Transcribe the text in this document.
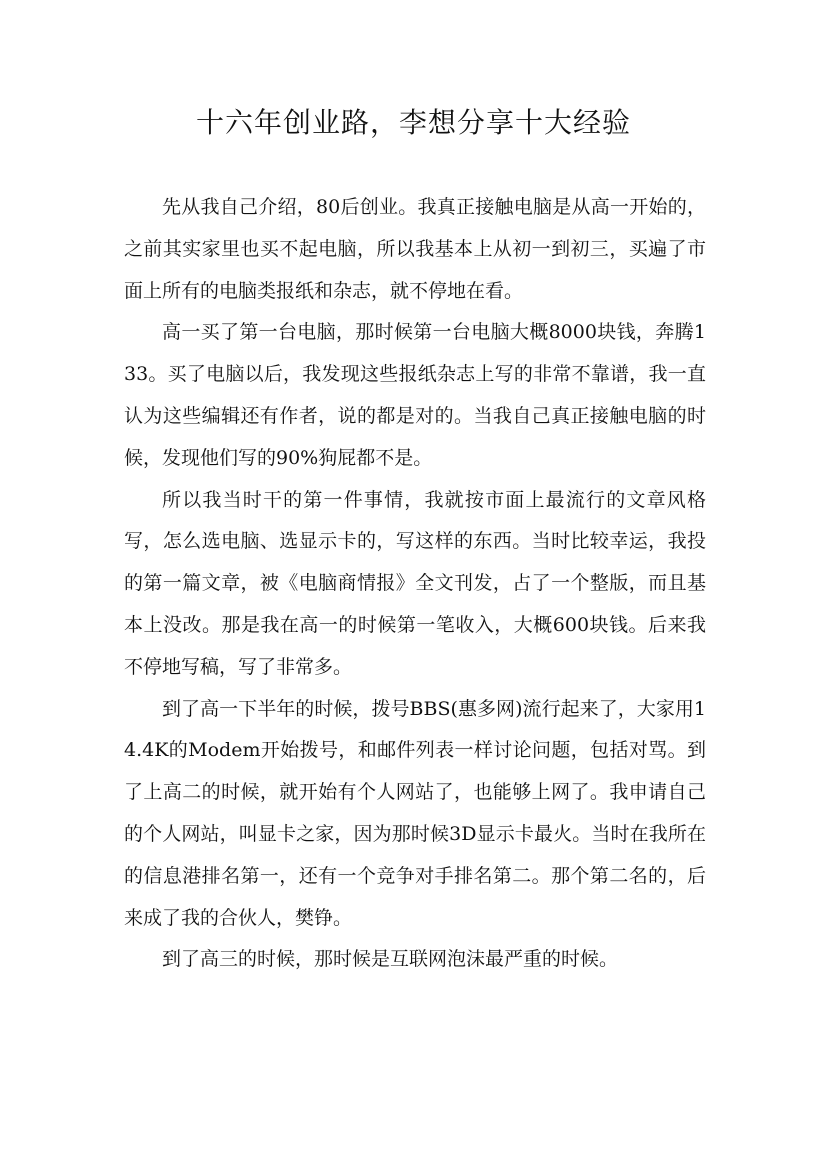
十六年创业路，李想分享十大经验

先从我自己介绍，80后创业。我真正接触电脑是从高一开始的，之前其实家里也买不起电脑，所以我基本上从初一到初三，买遍了市面上所有的电脑类报纸和杂志，就不停地在看。

高一买了第一台电脑，那时候第一台电脑大概8000块钱，奔腾133。买了电脑以后，我发现这些报纸杂志上写的非常不靠谱，我一直认为这些编辑还有作者，说的都是对的。当我自己真正接触电脑的时候，发现他们写的90%狗屁都不是。

所以我当时干的第一件事情，我就按市面上最流行的文章风格写，怎么选电脑、选显示卡的，写这样的东西。当时比较幸运，我投的第一篇文章，被《电脑商情报》全文刊发，占了一个整版，而且基本上没改。那是我在高一的时候第一笔收入，大概600块钱。后来我不停地写稿，写了非常多。

到了高一下半年的时候，拨号BBS(惠多网)流行起来了，大家用14.4K的Modem开始拨号，和邮件列表一样讨论问题，包括对骂。到了上高二的时候，就开始有个人网站了，也能够上网了。我申请自己的个人网站，叫显卡之家，因为那时候3D显示卡最火。当时在我所在的信息港排名第一，还有一个竞争对手排名第二。那个第二名的，后来成了我的合伙人，樊铮。

到了高三的时候，那时候是互联网泡沫最严重的时候。
